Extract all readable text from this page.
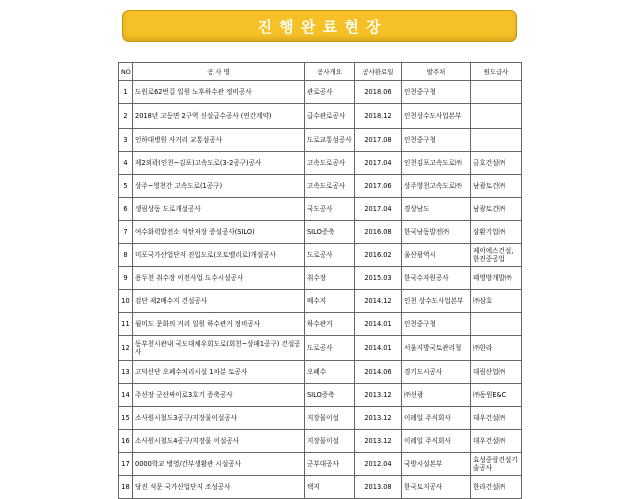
진 행 완 료 현 장
NO	공 사 명	공사개요	공사완료일	발주처	원도급사
1	도원로62번길 일원 노후하수관 정비공사	관로공사	2018.06	인천중구청	
2	2018년 고등면 2구역 신설급수공사 (연간계약)	급수관로공사	2018.12	인천상수도사업본부	
3	인하대병원 사거리 교통섬공사	도로교통섬공사	2017.08	인천중구청	
4	제2외곽(인천~김포)고속도로(3-2공구)공사	고속도로공사	2017.04	인천김포고속도로㈜	금호건설㈜
5	상주~영천간 고속도로(1공구)	고속도로공사	2017.06	상주영천고속도로㈜	남광토건㈜
6	생림상동 도로개설공사	국도공사	2017.04	경상남도	남광토건㈜
7	여수화력발전소 석탄저장 증설공사(SILO)	SILO증축	2016.08	한국남동발전㈜	삼환기업㈜
8	미포국가산업단지 진입도로(오토밸리로)개설공사	도로공사	2016.02	울산광역시	제이에스건설, 한진중공업
9	용두천 취수장 이전사업 도수시설공사	취수장	2015.03	한국수자원공사	태영방개발㈜
10	검단 제2배수지 건설공사	배수지	2014.12	인천 상수도사업본부	㈜삼호
11	월미도 문화의 거리 일원 하수관거 정비공사	하수관거	2014.01	인천중구청	
12	동부천시관내 국도대체우회도로(회천~상패1공구) 건설공사	도로공사	2014.01	서울지방국토관리청	㈜한라
13	고덕산단 오폐수처리시설 1차분 토공사	오폐수	2014.06	경기도시공사	대림산업㈜
14	주선장 군산싸이로3호기 증축공사	SILO증축	2013.12	㈜선광	㈜동원E&C
15	소사원시철도3공구/지장물이설공사	지장물이설	2013.12	이레일 주식회사	대우건설㈜
16	소사원시철도4공구/지장물 이설공사	지장물이설	2013.12	이레일 주식회사	대우건설㈜
17	0000학교 병영/간부생활관 시설공사	군부대공사	2012.04	국방시설본부	효성중랑건설기술공사
18	당진 석문 국가산업단지 조성공사	택지	2013.08	한국토지공사	한라건설㈜
